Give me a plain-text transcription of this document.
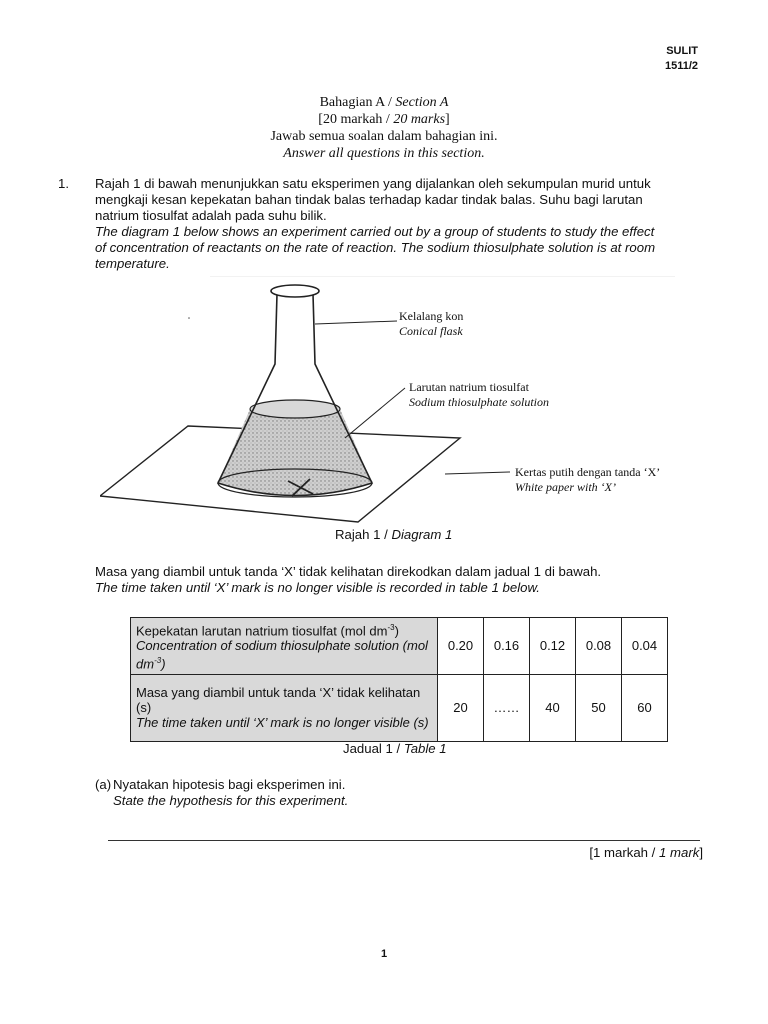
SULIT
1511/2
Bahagian A / Section A
[20 markah / 20 marks]
Jawab semua soalan dalam bahagian ini.
Answer all questions in this section.
1. Rajah 1 di bawah menunjukkan satu eksperimen yang dijalankan oleh sekumpulan murid untuk
mengkaji kesan kepekatan bahan tindak balas terhadap kadar tindak balas. Suhu bagi larutan
natrium tiosulfat adalah pada suhu bilik.
The diagram 1 below shows an experiment carried out by a group of students to study the effect
of concentration of reactants on the rate of reaction. The sodium thiosulphate solution is at room
temperature.
Kelalang kon
Conical flask
Larutan natrium tiosulfat
Sodium thiosulphate solution
Kertas putih dengan tanda ‘X’
White paper with ‘X’
Rajah 1 / Diagram 1
Masa yang diambil untuk tanda ‘X’ tidak kelihatan direkodkan dalam jadual 1 di bawah.
The time taken until ‘X’ mark is no longer visible is recorded in table 1 below.
Kepekatan larutan natrium tiosulfat (mol $dm^{-3}$)
Concentration of sodium thiosulphate solution (mol $dm^{-3}$)	0.20	0.16	0.12	0.08	0.04

Masa yang diambil untuk tanda ‘X’ tidak kelihatan (s)
The time taken until ‘X’ mark is no longer visible (s)	20	……	40	50	60
Jadual 1 / Table 1
(a) Nyatakan hipotesis bagi eksperimen ini.
State the hypothesis for this experiment.
[1 markah / 1 mark]
1
